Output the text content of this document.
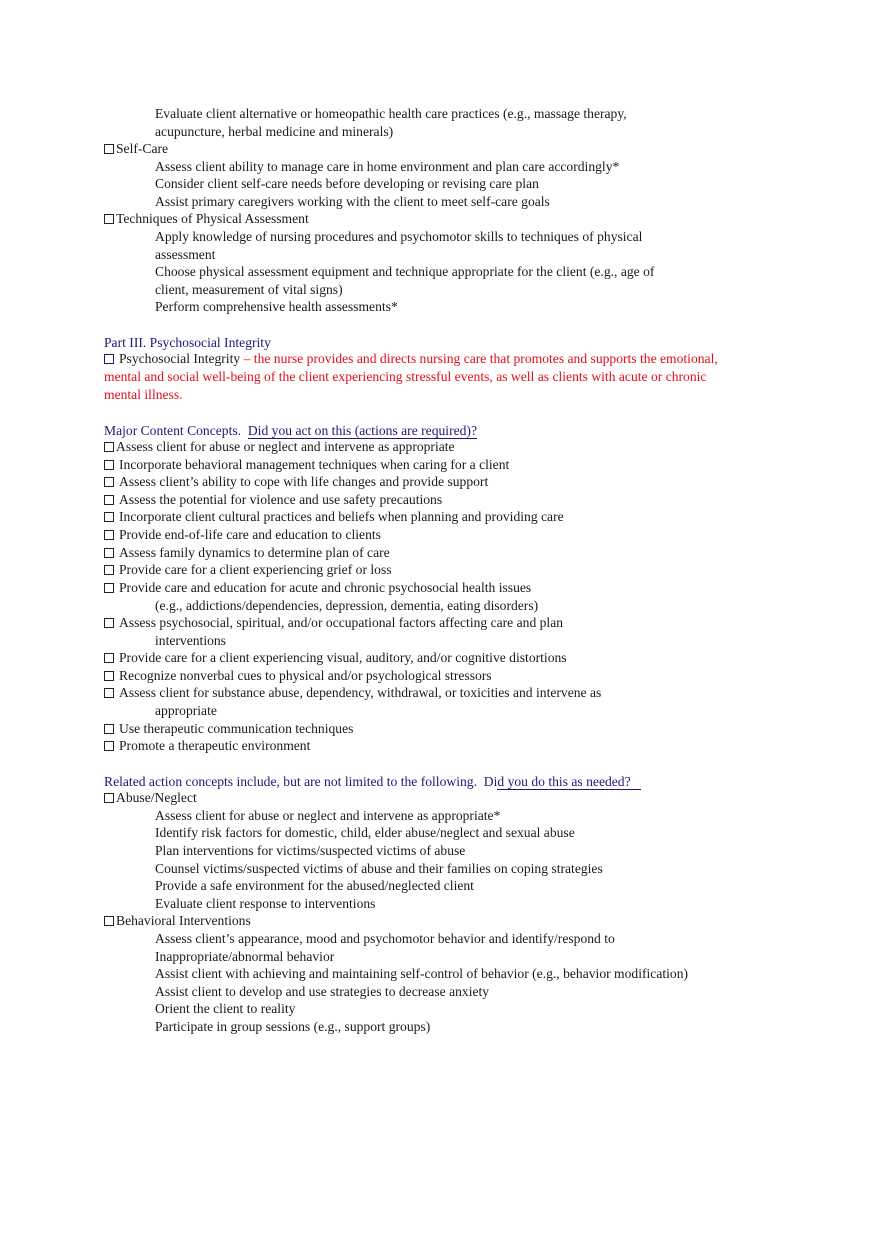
Evaluate client alternative or homeopathic health care practices (e.g., massage therapy,
acupuncture, herbal medicine and minerals)
Self-Care
Assess client ability to manage care in home environment and plan care accordingly*
Consider client self-care needs before developing or revising care plan
Assist primary caregivers working with the client to meet self-care goals
Techniques of Physical Assessment
Apply knowledge of nursing procedures and psychomotor skills to techniques of physical
assessment
Choose physical assessment equipment and technique appropriate for the client (e.g., age of
client, measurement of vital signs)
Perform comprehensive health assessments*
Part III. Psychosocial Integrity
Psychosocial Integrity – the nurse provides and directs nursing care that promotes and supports the emotional, mental and social well-being of the client experiencing stressful events, as well as clients with acute or chronic mental illness.
Major Content Concepts. Did you act on this (actions are required)?
Assess client for abuse or neglect and intervene as appropriate
Incorporate behavioral management techniques when caring for a client
Assess client’s ability to cope with life changes and provide support
Assess the potential for violence and use safety precautions
Incorporate client cultural practices and beliefs when planning and providing care
Provide end-of-life care and education to clients
Assess family dynamics to determine plan of care
Provide care for a client experiencing grief or loss
Provide care and education for acute and chronic psychosocial health issues
(e.g., addictions/dependencies, depression, dementia, eating disorders)
Assess psychosocial, spiritual, and/or occupational factors affecting care and plan
interventions
Provide care for a client experiencing visual, auditory, and/or cognitive distortions
Recognize nonverbal cues to physical and/or psychological stressors
Assess client for substance abuse, dependency, withdrawal, or toxicities and intervene as
appropriate
Use therapeutic communication techniques
Promote a therapeutic environment
Related action concepts include, but are not limited to the following. Did you do this as needed?
Abuse/Neglect
Assess client for abuse or neglect and intervene as appropriate*
Identify risk factors for domestic, child, elder abuse/neglect and sexual abuse
Plan interventions for victims/suspected victims of abuse
Counsel victims/suspected victims of abuse and their families on coping strategies
Provide a safe environment for the abused/neglected client
Evaluate client response to interventions
Behavioral Interventions
Assess client’s appearance, mood and psychomotor behavior and identify/respond to
Inappropriate/abnormal behavior
Assist client with achieving and maintaining self-control of behavior (e.g., behavior modification)
Assist client to develop and use strategies to decrease anxiety
Orient the client to reality
Participate in group sessions (e.g., support groups)
